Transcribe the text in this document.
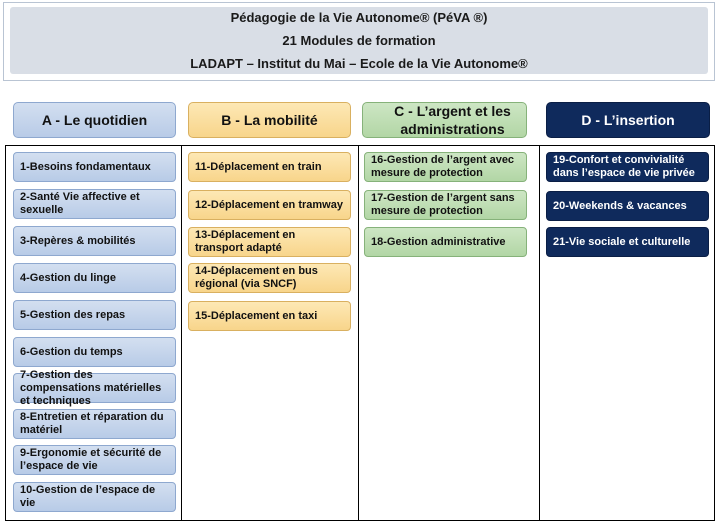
Pédagogie de la Vie Autonome® (PéVA ®)
21 Modules de formation
LADAPT – Institut du Mai – Ecole de la Vie Autonome®
A - Le quotidien	B - La mobilité
C - L’argent et les administrations
D - L’insertion
1-Besoins fondamentaux
2-Santé Vie affective et sexuelle
3-Repères & mobilités
4-Gestion du linge
5-Gestion des repas
6-Gestion du temps
7-Gestion des compensations matérielles et techniques
8-Entretien et réparation du matériel
9-Ergonomie et sécurité de l’espace de vie
10-Gestion de l’espace de vie
11-Déplacement en train
12-Déplacement en tramway
13-Déplacement en transport adapté
14-Déplacement en bus régional (via SNCF)
15-Déplacement en taxi
16-Gestion de l’argent avec mesure de protection
17-Gestion de l’argent sans mesure de protection
18-Gestion administrative
19-Confort et convivialité dans l’espace de vie privée
20-Weekends & vacances
21-Vie sociale et culturelle
